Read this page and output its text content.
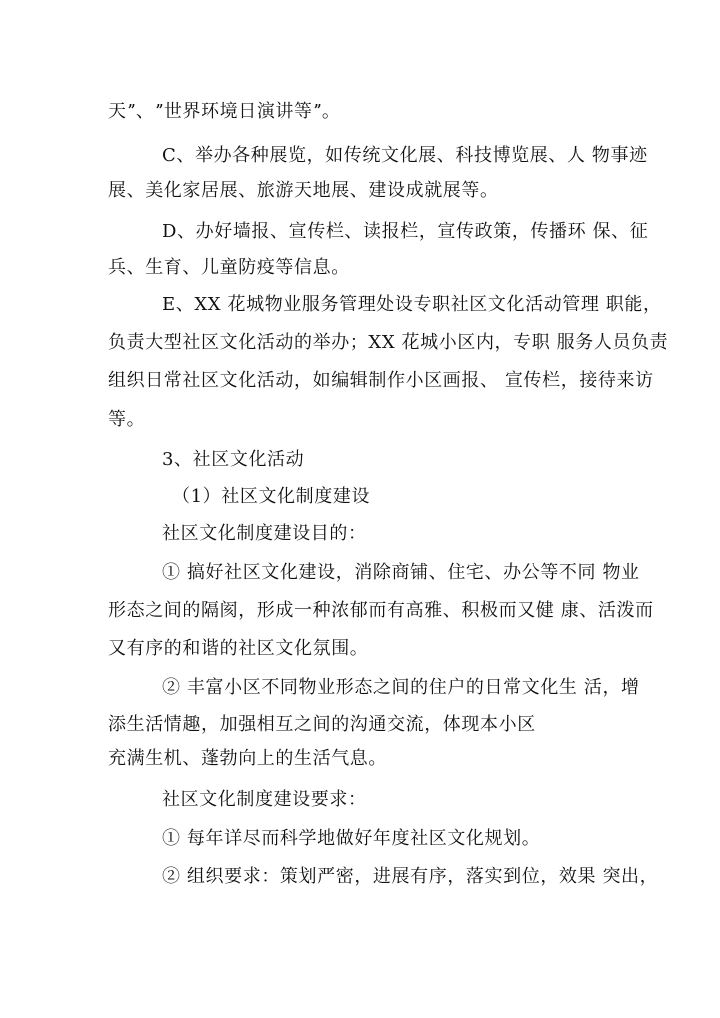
天ˮ、ˮ世界环境日演讲等ˮ。
C、举办各种展览，如传统文化展、科技博览展、人 物事迹
展、美化家居展、旅游天地展、建设成就展等。
D、办好墙报、宣传栏、读报栏，宣传政策，传播环 保、征
兵、生育、儿童防疫等信息。
E、XX 花城物业服务管理处设专职社区文化活动管理 职能，
负责大型社区文化活动的举办；XX 花城小区内，专职 服务人员负责
组织日常社区文化活动，如编辑制作小区画报、 宣传栏，接待来访
等。
3、社区文化活动
（1）社区文化制度建设
社区文化制度建设目的：
① 搞好社区文化建设，消除商铺、住宅、办公等不同 物业
形态之间的隔阂，形成一种浓郁而有高雅、积极而又健 康、活泼而
又有序的和谐的社区文化氛围。
② 丰富小区不同物业形态之间的住户的日常文化生 活，增
添生活情趣，加强相互之间的沟通交流，体现本小区
充满生机、蓬勃向上的生活气息。
社区文化制度建设要求：
① 每年详尽而科学地做好年度社区文化规划。
② 组织要求：策划严密，进展有序，落实到位，效果 突出，
